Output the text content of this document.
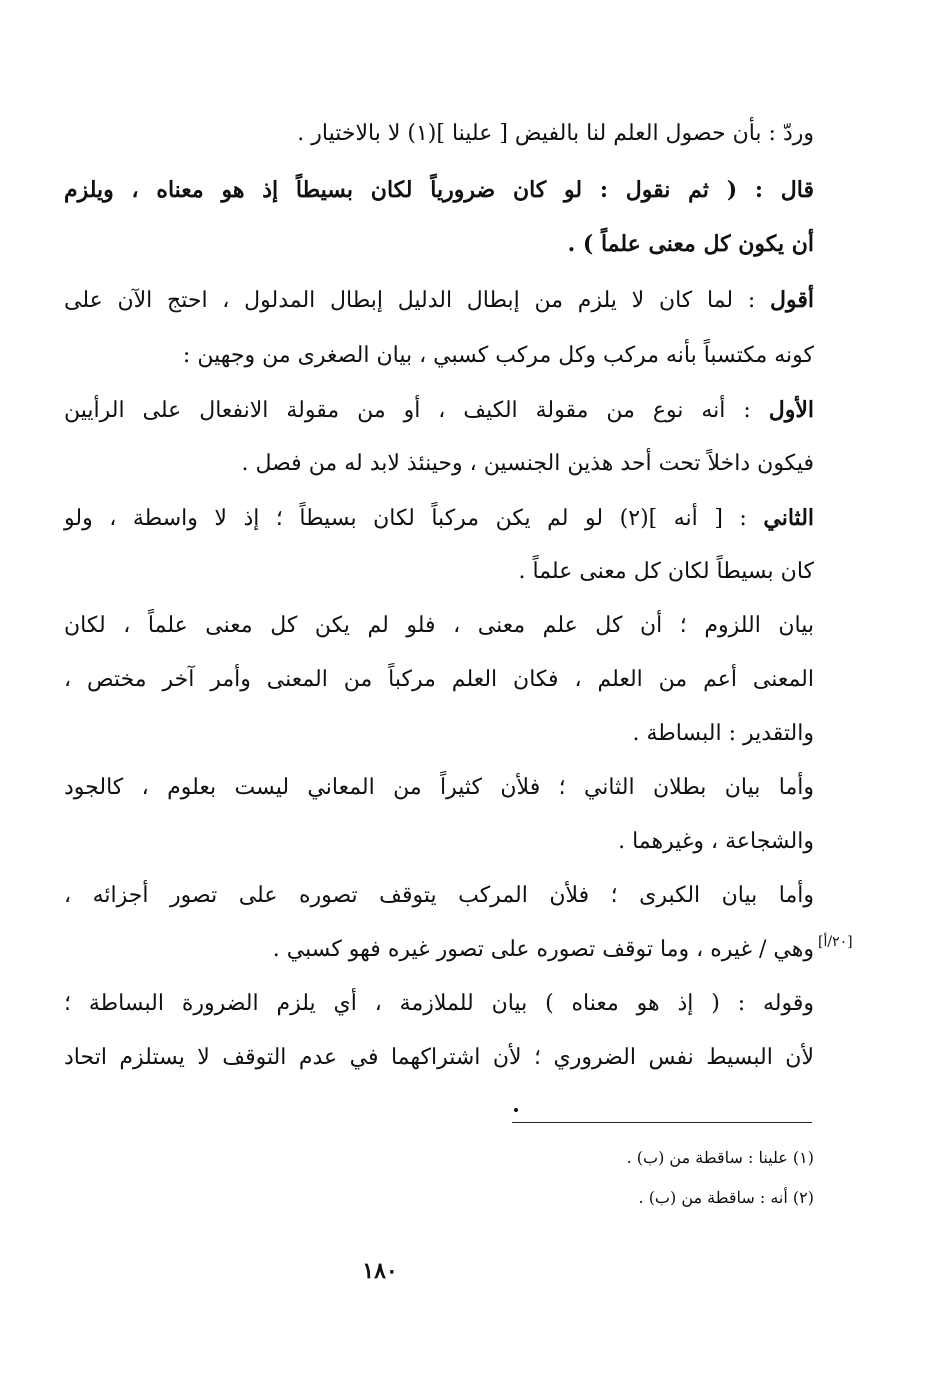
وردّ : بأن حصول العلم لنا بالفيض [ علينا ](١) لا بالاختيار .
قال : ( ثم نقول : لو كان ضرورياً لكان بسيطاً إذ هو معناه ، ويلزم
أن يكون كل معنى علماً ) .
أقول : لما كان لا يلزم من إبطال الدليل إبطال المدلول ، احتج الآن على
كونه مكتسباً بأنه مركب وكل مركب كسبي ، بيان الصغرى من وجهين :
الأول : أنه نوع من مقولة الكيف ، أو من مقولة الانفعال على الرأيين
فيكون داخلاً تحت أحد هذين الجنسين ، وحينئذ لابد له من فصل .
الثاني : [ أنه ](٢) لو لم يكن مركباً لكان بسيطاً ؛ إذ لا واسطة ، ولو
كان بسيطاً لكان كل معنى علماً .
بيان اللزوم ؛ أن كل علم معنى ، فلو لم يكن كل معنى علماً ، لكان
المعنى أعم من العلم ، فكان العلم مركباً من المعنى وأمر آخر مختص ،
والتقدير : البساطة .
وأما بيان بطلان الثاني ؛ فلأن كثيراً من المعاني ليست بعلوم ، كالجود
والشجاعة ، وغيرهما .
وأما بيان الكبرى ؛ فلأن المركب يتوقف تصوره على تصور أجزائه ،
وهي / غيره ، وما توقف تصوره على تصور غيره فهو كسبي . [٢٠/أ]
وقوله : ( إذ هو معناه ) بيان للملازمة ، أي يلزم الضرورة البساطة ؛
لأن البسيط نفس الضروري ؛ لأن اشتراكهما في عدم التوقف لا يستلزم اتحاد
(١) علينا : ساقطة من (ب) .
(٢) أنه : ساقطة من (ب) .
١٨٠
